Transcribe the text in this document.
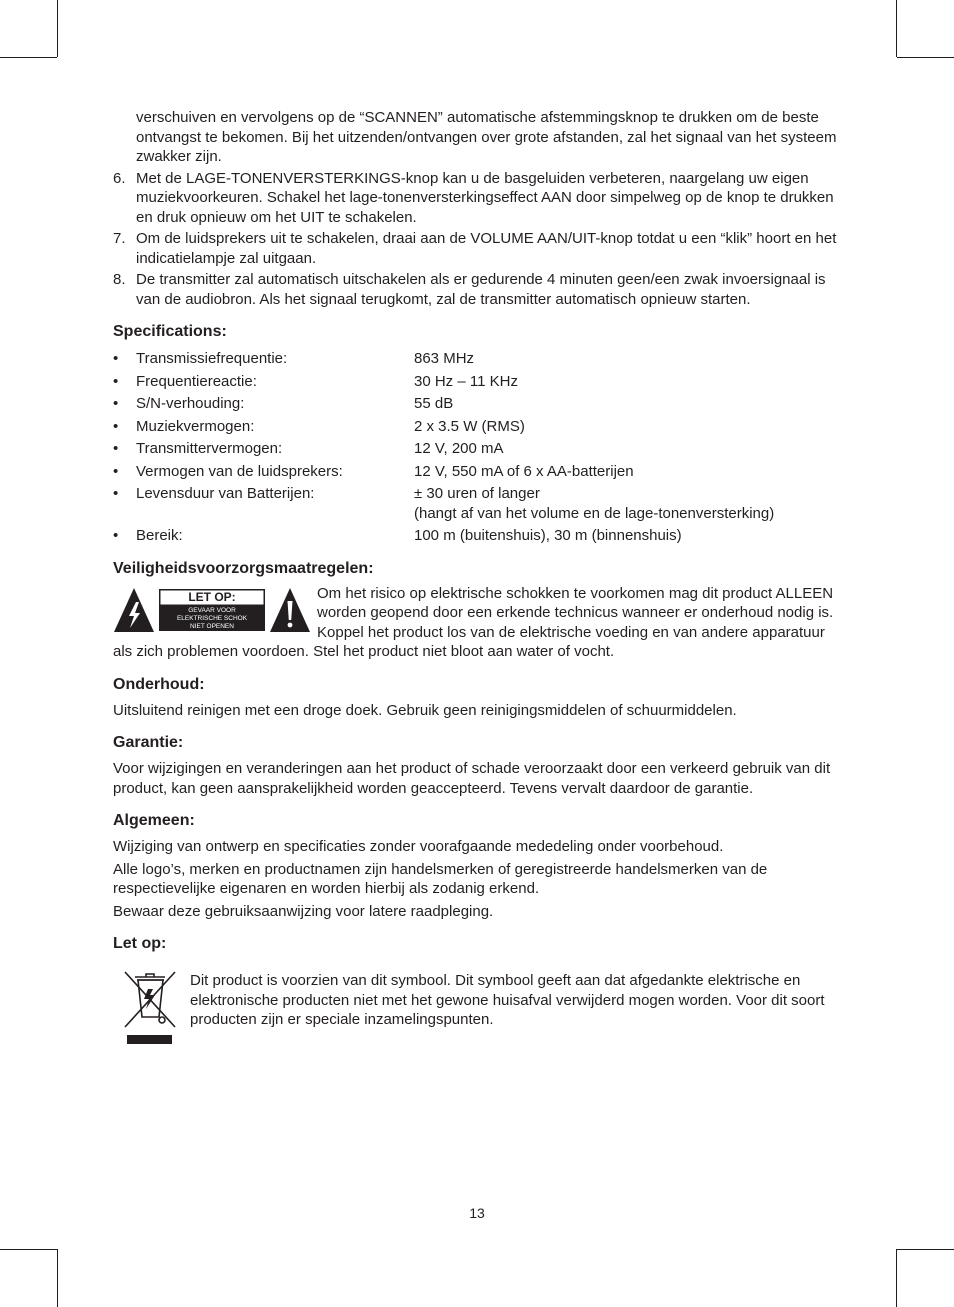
verschuiven en vervolgens op de “SCANNEN” automatische afstemmingsknop te drukken om de beste ontvangst te bekomen. Bij het uitzenden/ontvangen over grote afstanden, zal het signaal van het systeem zwakker zijn.
6. Met de LAGE-TONENVERSTERKINGS-knop kan u de basgeluiden verbeteren, naargelang uw eigen muziekvoorkeuren. Schakel het lage-tonenversterkingseffect AAN door simpelweg op de knop te drukken en druk opnieuw om het UIT te schakelen.
7. Om de luidsprekers uit te schakelen, draai aan de VOLUME AAN/UIT-knop totdat u een “klik” hoort en het indicatielampje zal uitgaan.
8. De transmitter zal automatisch uitschakelen als er gedurende 4 minuten geen/een zwak invoersignaal is van de audiobron. Als het signaal terugkomt, zal de transmitter automatisch opnieuw starten.
Specifications:
•	Transmissiefrequentie:	863 MHz
•	Frequentiereactie:	30 Hz – 11 KHz
•	S/N-verhouding:	55 dB
•	Muziekvermogen:	2 x 3.5 W (RMS)
•	Transmittervermogen:	12 V, 200 mA
•	Vermogen van de luidsprekers:	12 V, 550 mA of 6 x AA-batterijen
•	Levensduur van Batterijen:	± 30 uren of langer
(hangt af van het volume en de lage-tonenversterking)
•	Bereik:	100 m (buitenshuis), 30 m (binnenshuis)
Veiligheidsvoorzorgsmaatregelen:
LET OP:
GEVAAR VOOR
ELEKTRISCHE SCHOK
NIET OPENEN
Om het risico op elektrische schokken te voorkomen mag dit product ALLEEN worden geopend door een erkende technicus wanneer er onderhoud nodig is. Koppel het product los van de elektrische voeding en van andere apparatuur als zich problemen voordoen. Stel het product niet bloot aan water of vocht.
Onderhoud:

Uitsluitend reinigen met een droge doek. Gebruik geen reinigingsmiddelen of schuurmiddelen.

Garantie:

Voor wijzigingen en veranderingen aan het product of schade veroorzaakt door een verkeerd gebruik van dit product, kan geen aansprakelijkheid worden geaccepteerd. Tevens vervalt daardoor de garantie.

Algemeen:

Wijziging van ontwerp en specificaties zonder voorafgaande mededeling onder voorbehoud.

Alle logo’s, merken en productnamen zijn handelsmerken of geregistreerde handelsmerken van de respectievelijke eigenaren en worden hierbij als zodanig erkend.

Bewaar deze gebruiksaanwijzing voor latere raadpleging.

Let op:
Dit product is voorzien van dit symbool. Dit symbool geeft aan dat afgedankte elektrische en elektronische producten niet met het gewone huisafval verwijderd mogen worden. Voor dit soort producten zijn er speciale inzamelingspunten.
13
